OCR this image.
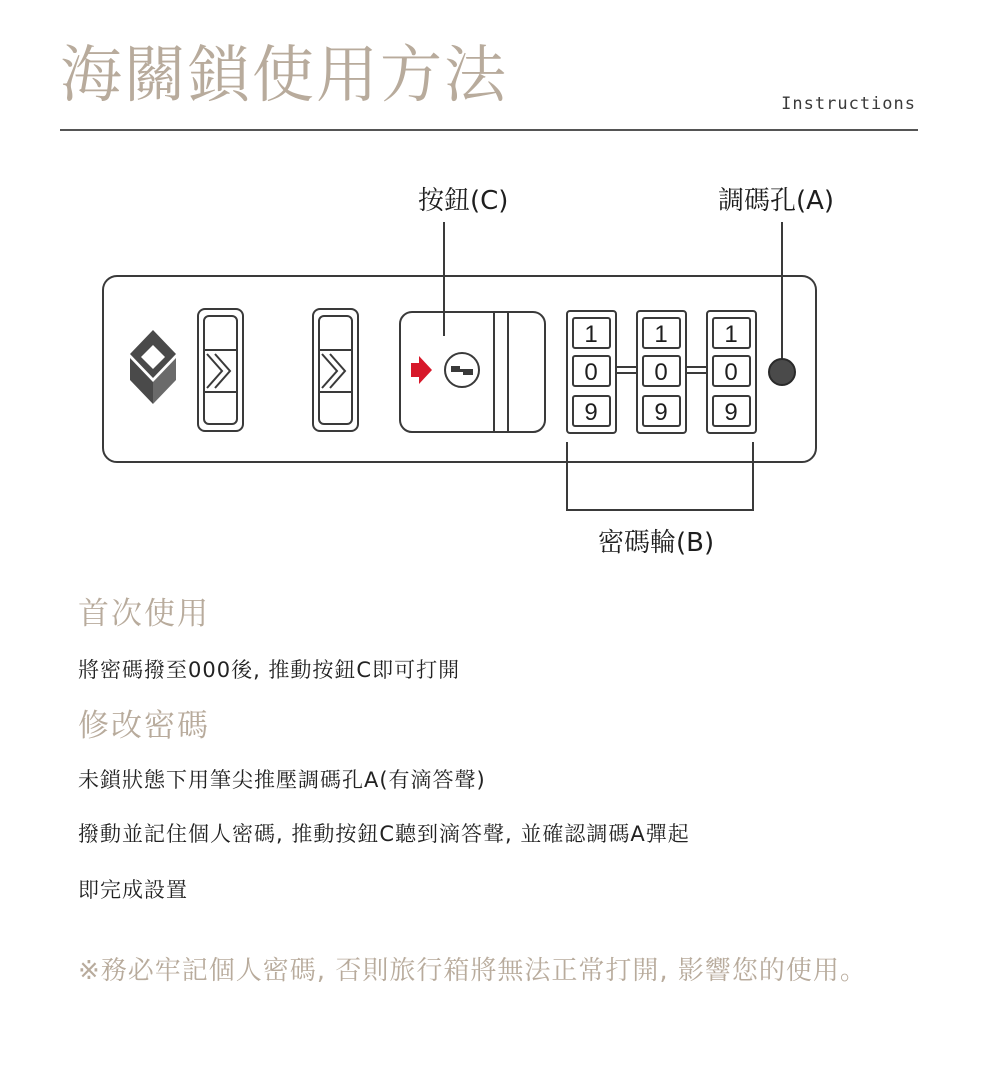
海關鎖使用方法	Instructions
按鈕(C)	調碼孔(A)
密碼輪(B)
1
0
9
1
0
9
1
0
9
首次使用
將密碼撥至000後, 推動按鈕C即可打開
修改密碼
未鎖狀態下用筆尖推壓調碼孔A(有滴答聲)
撥動並記住個人密碼, 推動按鈕C聽到滴答聲, 並確認調碼A彈起
即完成設置
※務必牢記個人密碼, 否則旅行箱將無法正常打開, 影響您的使用。
